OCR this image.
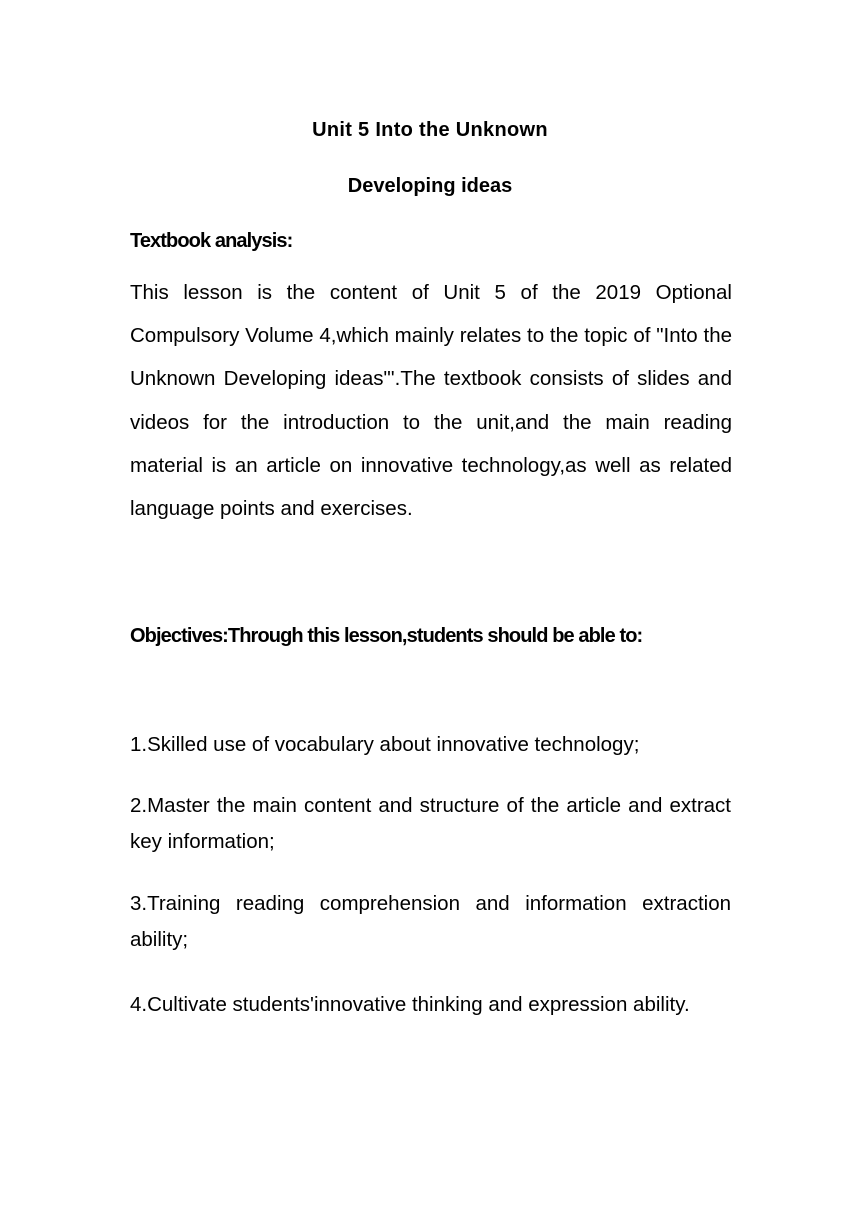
Unit 5 Into the Unknown
Developing ideas
Textbook analysis:

This lesson is the content of Unit 5 of the 2019 Optional Compulsory Volume 4,which mainly relates to the topic of "Into the Unknown Developing ideas"'.The textbook consists of slides and videos for the introduction to the unit,and the main reading material is an article on innovative technology,as well as related language points and exercises.

Objectives:Through this lesson,students should be able to:

1.Skilled use of vocabulary about innovative technology;

2.Master the main content and structure of the article and extract key information;

3.Training reading comprehension and information extraction ability;

4.Cultivate students'innovative thinking and expression ability.
